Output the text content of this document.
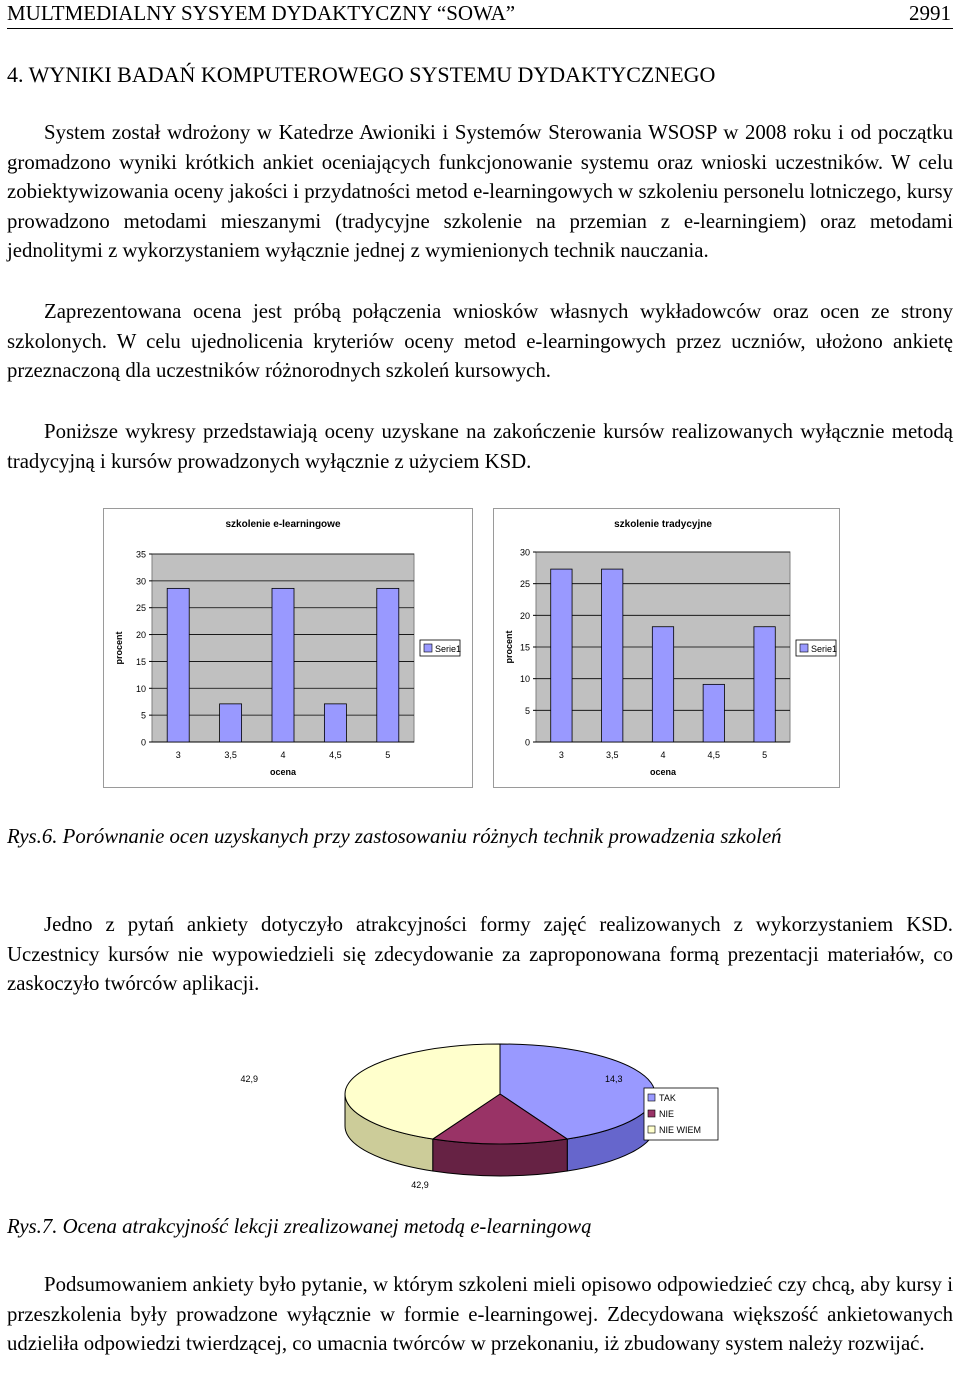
MULTMEDIALNY SYSYEM DYDAKTYCZNY “SOWA”	2991
4. WYNIKI BADAŃ KOMPUTEROWEGO SYSTEMU DYDAKTYCZNEGO

System został wdrożony w Katedrze Awioniki i Systemów Sterowania WSOSP w 2008 roku i od początku gromadzono wyniki krótkich ankiet oceniających funkcjonowanie systemu oraz wnioski uczestników. W celu zobiektywizowania oceny jakości i przydatności metod e-learningowych w szkoleniu personelu lotniczego, kursy prowadzono metodami mieszanymi (tradycyjne szkolenie na przemian z e-learningiem) oraz metodami jednolitymi z wykorzystaniem wyłącznie jednej z wymienionych technik nauczania.

Zaprezentowana ocena jest próbą połączenia wniosków własnych wykładowców oraz ocen ze strony szkolonych. W celu ujednolicenia kryteriów oceny metod e-learningowych przez uczniów, ułożono ankietę przeznaczoną dla uczestników różnorodnych szkoleń kursowych.

Poniższe wykresy przedstawiają oceny uzyskane na zakończenie kursów realizowanych wyłącznie metodą tradycyjną i kursów prowadzonych wyłącznie z użyciem KSD.

szkolenie e-learningowe
0
5
10
15
20
25
30
35
3	3,5	4	4,5	5
ocena
procent	Serie1
szkolenie tradycyjne
0
5
10
15
20
25
30
3	3,5	4	4,5	5
ocena
procent	Serie1

Rys.6. Porównanie ocen uzyskanych przy zastosowaniu różnych technik prowadzenia szkoleń

Jedno z pytań ankiety dotyczyło atrakcyjności formy zajęć realizowanych z wykorzystaniem KSD. Uczestnicy kursów nie wypowiedzieli się zdecydowanie za zaproponowana formą prezentacji materiałów, co zaskoczyło twórców aplikacji.

42,9	14,3
42,9
TAK
NIE
NIE WIEM

Rys.7. Ocena atrakcyjność lekcji zrealizowanej metodą e-learningową

Podsumowaniem ankiety było pytanie, w którym szkoleni mieli opisowo odpowiedzieć czy chcą, aby kursy i przeszkolenia były prowadzone wyłącznie w formie e-learningowej. Zdecydowana większość ankietowanych udzieliła odpowiedzi twierdzącej, co umacnia twórców w przekonaniu, iż zbudowany system należy rozwijać.
